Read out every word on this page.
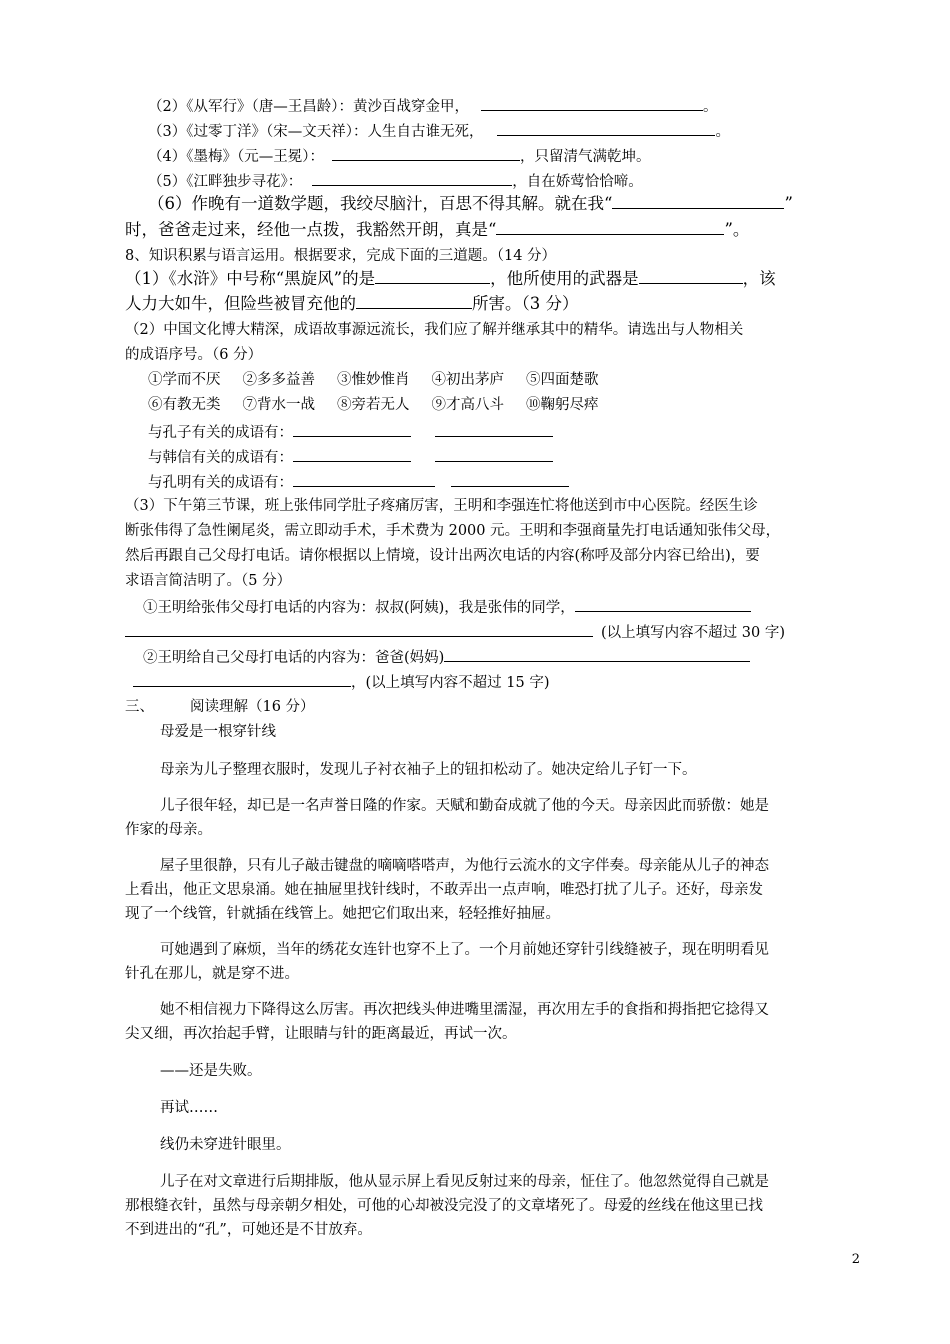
（2）《从军行》（唐—王昌龄）：黄沙百战穿金甲，	。
（3）《过零丁洋》（宋—文天祥）：人生自古谁无死，	。
（4）《墨梅》（元—王冕）：	，只留清气满乾坤。
（5）《江畔独步寻花》：	，自在娇莺恰恰啼。
（6）作晚有一道数学题，我绞尽脑汁，百思不得其解。就在我“	”
时，爸爸走过来，经他一点拨，我豁然开朗，真是“	”。
8、知识积累与语言运用。根据要求，完成下面的三道题。（14 分）
（1）《水浒》中号称“黑旋风”的是	，他所使用的武器是	，该
人力大如牛，但险些被冒充他的	所害。（3 分）
（2）中国文化博大精深，成语故事源远流长，我们应了解并继承其中的精华。请选出与人物相关
的成语序号。（6 分）
①学而不厌 ②多多益善 ③惟妙惟肖 ④初出茅庐 ⑤四面楚歌
⑥有教无类 ⑦背水一战 ⑧旁若无人 ⑨才高八斗 ⑩鞠躬尽瘁
与孔子有关的成语有：
与韩信有关的成语有：
与孔明有关的成语有：
（3）下午第三节课，班上张伟同学肚子疼痛厉害，王明和李强连忙将他送到市中心医院。经医生诊
断张伟得了急性阑尾炎，需立即动手术，手术费为 2000 元。王明和李强商量先打电话通知张伟父母，
然后再跟自己父母打电话。请你根据以上情境，设计出两次电话的内容(称呼及部分内容已给出)，要
求语言简洁明了。（5 分）
①王明给张伟父母打电话的内容为：叔叔(阿姨)，我是张伟的同学，
(以上填写内容不超过 30 字)
②王明给自己父母打电话的内容为：爸爸(妈妈)
，(以上填写内容不超过 15 字)
三、 阅读理解（16 分）
母爱是一根穿针线
母亲为儿子整理衣服时，发现儿子衬衣袖子上的钮扣松动了。她决定给儿子钉一下。
儿子很年轻，却已是一名声誉日隆的作家。天赋和勤奋成就了他的今天。母亲因此而骄傲：她是
作家的母亲。
屋子里很静，只有儿子敲击键盘的嘀嘀嗒嗒声，为他行云流水的文字伴奏。母亲能从儿子的神态
上看出，他正文思泉涌。她在抽屉里找针线时，不敢弄出一点声响，唯恐打扰了儿子。还好，母亲发
现了一个线管，针就插在线管上。她把它们取出来，轻轻推好抽屉。
可她遇到了麻烦，当年的绣花女连针也穿不上了。一个月前她还穿针引线缝被子，现在明明看见
针孔在那儿，就是穿不进。
她不相信视力下降得这么厉害。再次把线头伸进嘴里濡湿，再次用左手的食指和拇指把它捻得又
尖又细，再次抬起手臂，让眼睛与针的距离最近，再试一次。
——还是失败。
再试……
线仍未穿进针眼里。
儿子在对文章进行后期排版，他从显示屏上看见反射过来的母亲，怔住了。他忽然觉得自己就是
那根缝衣针，虽然与母亲朝夕相处，可他的心却被没完没了的文章堵死了。母爱的丝线在他这里已找
不到进出的“孔”，可她还是不甘放弃。
2
